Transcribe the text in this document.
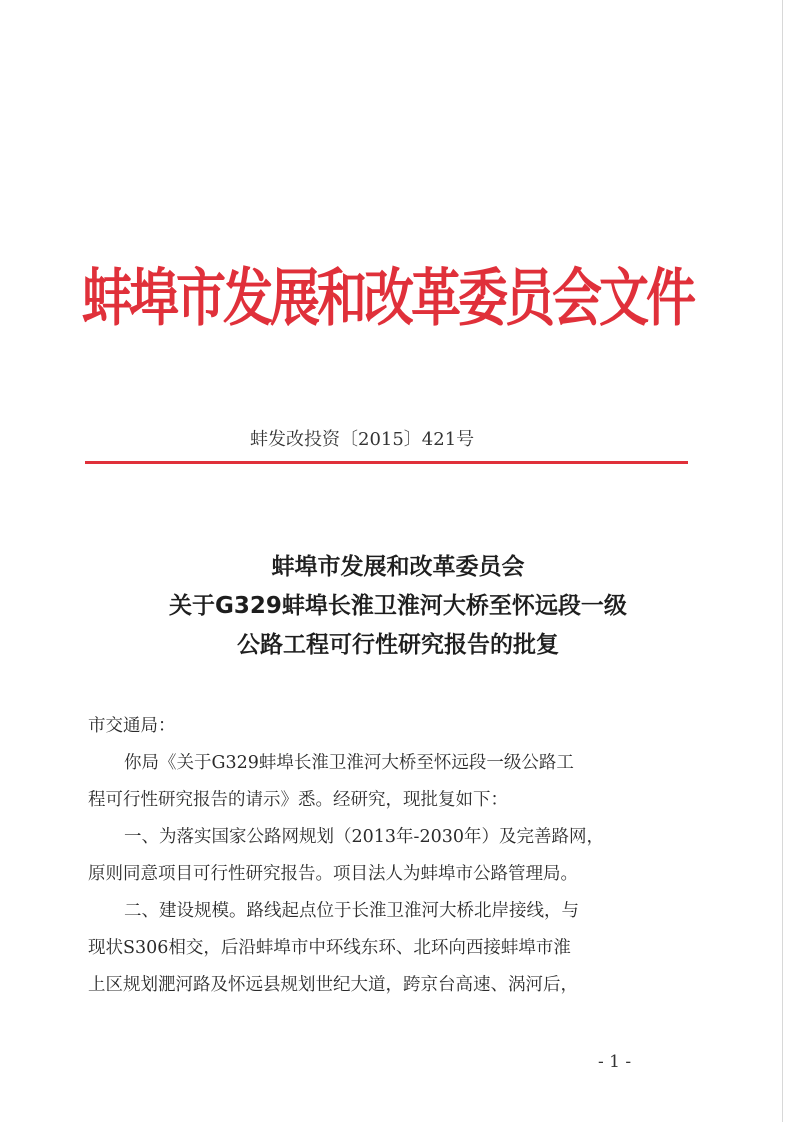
蚌埠市发展和改革委员会文件
蚌发改投资〔2015〕421号
蚌埠市发展和改革委员会
关于G329蚌埠长淮卫淮河大桥至怀远段一级
公路工程可行性研究报告的批复
市交通局：
你局《关于G329蚌埠长淮卫淮河大桥至怀远段一级公路工
程可行性研究报告的请示》悉。经研究，现批复如下：
一、为落实国家公路网规划（2013年-2030年）及完善路网，
原则同意项目可行性研究报告。项目法人为蚌埠市公路管理局。
二、建设规模。路线起点位于长淮卫淮河大桥北岸接线，与
现状S306相交，后沿蚌埠市中环线东环、北环向西接蚌埠市淮
上区规划淝河路及怀远县规划世纪大道，跨京台高速、涡河后，
- 1 -
